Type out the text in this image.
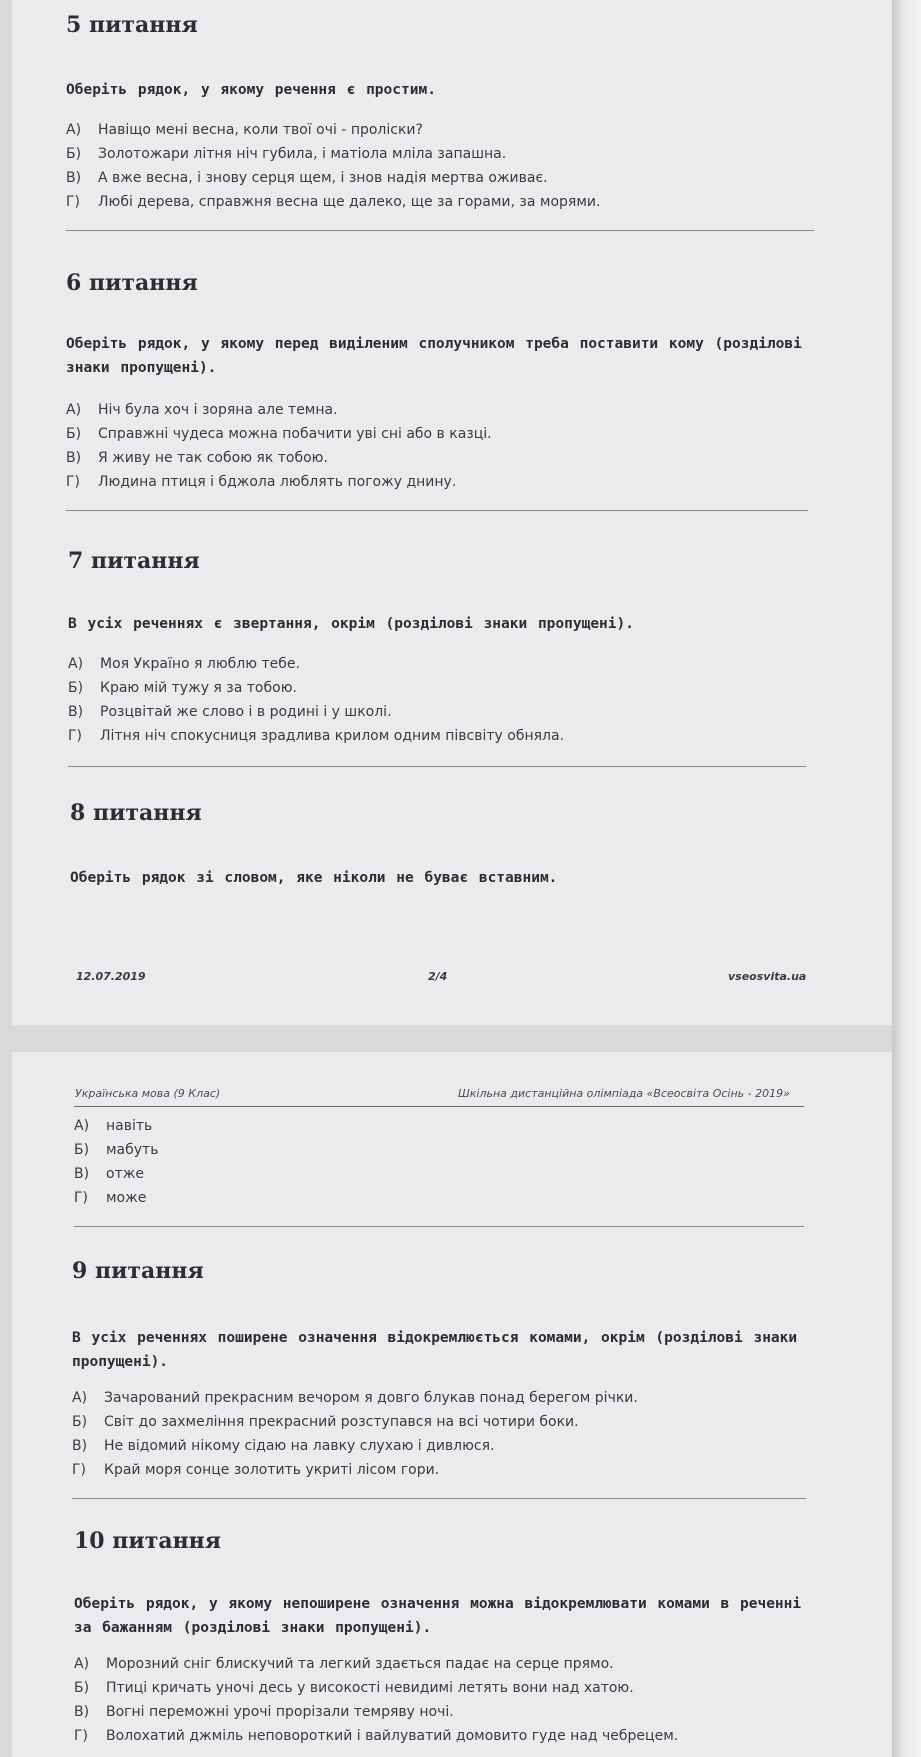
5 питання
Оберіть рядок, у якому речення є простим.
А) Навіщо мені весна, коли твої очі - проліски?
Б) Золотожари літня ніч губила, і матіола мліла запашна.
В) А вже весна, і знову серця щем, і знов надія мертва оживає.
Г) Любі дерева, справжня весна ще далеко, ще за горами, за морями.
6 питання
Оберіть рядок, у якому перед виділеним сполучником треба поставити кому (розділові знаки пропущені).
А) Ніч була хоч і зоряна але темна.
Б) Справжні чудеса можна побачити уві сні або в казці.
В) Я живу не так собою як тобою.
Г) Людина птиця і бджола люблять погожу днину.
7 питання
В усіх реченнях є звертання, окрім (розділові знаки пропущені).
А) Моя Україно я люблю тебе.
Б) Краю мій тужу я за тобою.
В) Розцвітай же слово і в родині і у школі.
Г) Літня ніч спокусниця зрадлива крилом одним півсвіту обняла.
8 питання
Оберіть рядок зі словом, яке ніколи не буває вставним.
12.07.2019	2/4	vseosvita.ua
Українська мова (9 Клас)	Шкільна дистанційна олімпіада «Всеосвіта Осінь - 2019»
А) навіть
Б) мабуть
В) отже
Г) може
9 питання
В усіх реченнях поширене означення відокремлюється комами, окрім (розділові знаки пропущені).
А) Зачарований прекрасним вечором я довго блукав понад берегом річки.
Б) Світ до захмеління прекрасний розступався на всі чотири боки.
В) Не відомий нікому сідаю на лавку слухаю і дивлюся.
Г) Край моря сонце золотить укриті лісом гори.
10 питання
Оберіть рядок, у якому непоширене означення можна відокремлювати комами в реченні за бажанням (розділові знаки пропущені).
А) Морозний сніг блискучий та легкий здається падає на серце прямо.
Б) Птиці кричать уночі десь у високості невидимі летять вони над хатою.
В) Вогні переможні урочі прорізали темряву ночі.
Г) Волохатий джміль неповороткий і вайлуватий домовито гуде над чебрецем.
